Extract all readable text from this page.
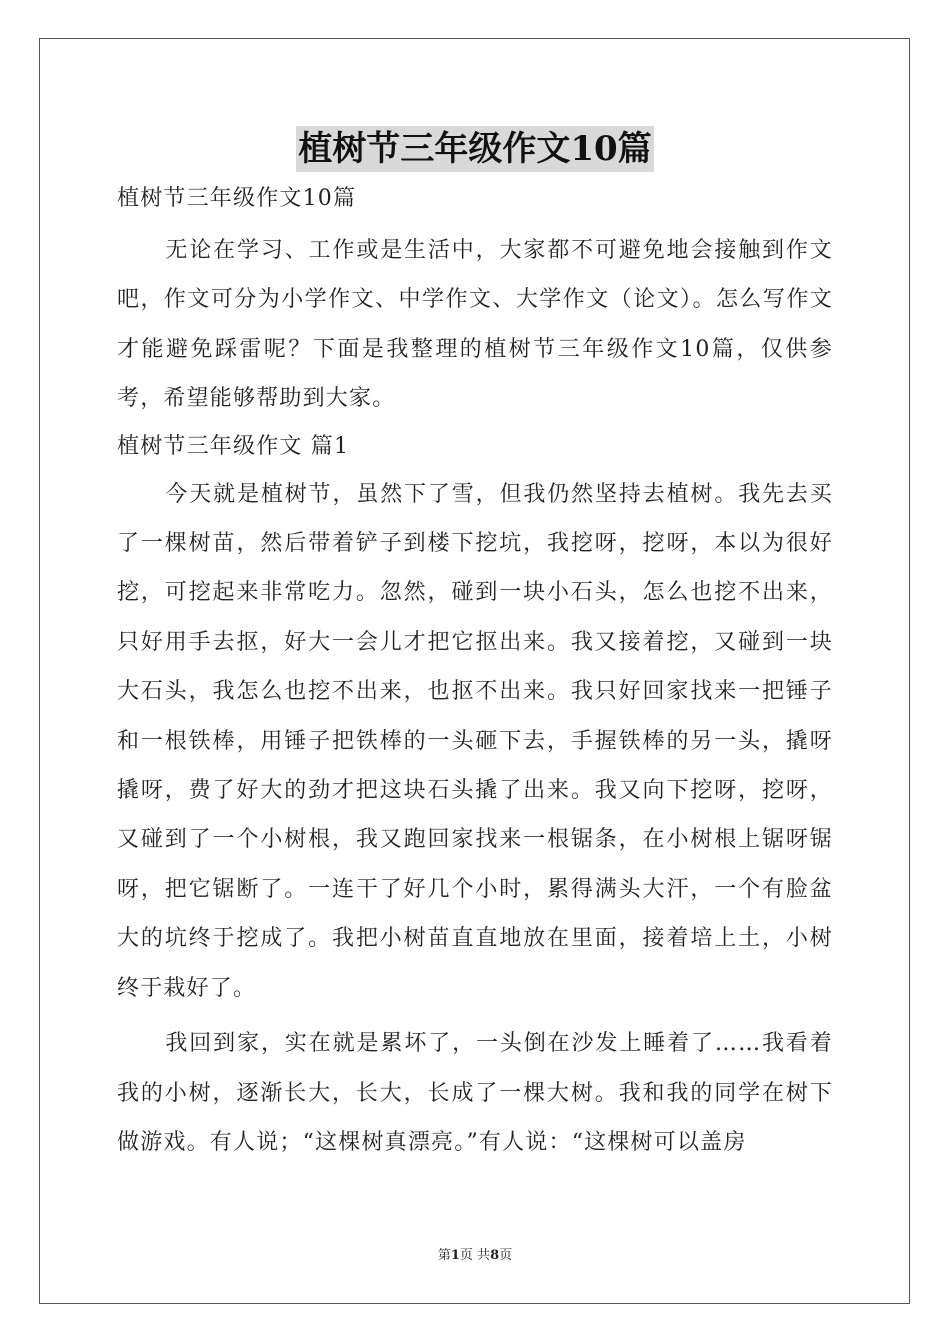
植树节三年级作文10篇

植树节三年级作文10篇

无论在学习、工作或是生活中，大家都不可避免地会接触到作文吧，作文可分为小学作文、中学作文、大学作文（论文）。怎么写作文才能避免踩雷呢？下面是我整理的植树节三年级作文10篇，仅供参考，希望能够帮助到大家。

植树节三年级作文 篇1

今天就是植树节，虽然下了雪，但我仍然坚持去植树。我先去买了一棵树苗，然后带着铲子到楼下挖坑，我挖呀，挖呀，本以为很好挖，可挖起来非常吃力。忽然，碰到一块小石头，怎么也挖不出来，只好用手去抠，好大一会儿才把它抠出来。我又接着挖，又碰到一块大石头，我怎么也挖不出来，也抠不出来。我只好回家找来一把锤子和一根铁棒，用锤子把铁棒的一头砸下去，手握铁棒的另一头，撬呀撬呀，费了好大的劲才把这块石头撬了出来。我又向下挖呀，挖呀，又碰到了一个小树根，我又跑回家找来一根锯条，在小树根上锯呀锯呀，把它锯断了。一连干了好几个小时，累得满头大汗，一个有脸盆大的坑终于挖成了。我把小树苗直直地放在里面，接着培上土，小树终于栽好了。

我回到家，实在就是累坏了，一头倒在沙发上睡着了……我看着我的小树，逐渐长大，长大，长成了一棵大树。我和我的同学在树下做游戏。有人说；“这棵树真漂亮。”有人说：“这棵树可以盖房

第1页 共8页
